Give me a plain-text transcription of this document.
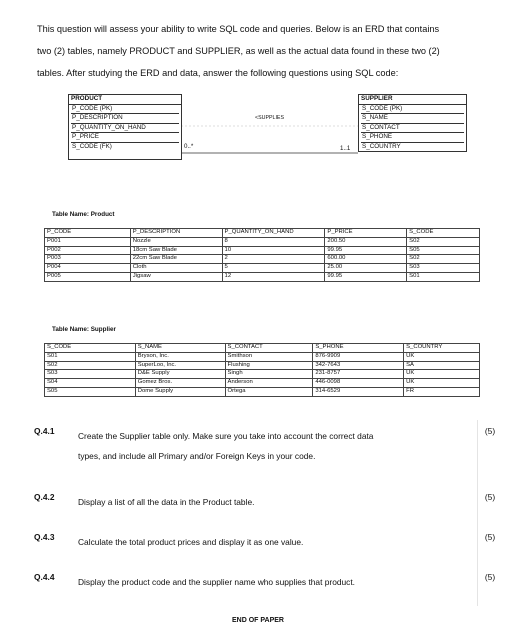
This question will assess your ability to write SQL code and queries. Below is an ERD that contains

two (2) tables, namely PRODUCT and SUPPLIER, as well as the actual data found in these two (2)

tables. After studying the ERD and data, answer the following questions using SQL code:

PRODUCT
P_CODE (PK)
P_DESCRIPTION
P_QUANTITY_ON_HAND
P_PRICE
S_CODE (FK)
SUPPLIER
S_CODE (PK)
S_NAME
S_CONTACT
S_PHONE
S_COUNTRY
<SUPPLIES
0..*	1..1
Table Name: Product
P_CODE	P_DESCRIPTION	P_QUANTITY_ON_HAND	P_PRICE	S_CODE
P001	Nozzle	8	200.50	S02
P002	18cm Saw Blade	10	99.95	S05
P003	22cm Saw Blade	2	600.00	S02
P004	Cloth	5	25.00	S03
P005	Jigsaw	12	99.95	S01
Table Name: Supplier
S_CODE	S_NAME	S_CONTACT	S_PHONE	S_COUNTRY
S01	Bryson, Inc.	Smithson	876-9909	UK
S02	SuperLoo, Inc.	Flushing	342-7643	SA
S03	D&E Supply	Singh	231-8757	UK
S04	Gomez Bros.	Anderson	446-0098	UK
S05	Dome Supply	Ortega	314-6529	FR
Q.4.1	Create the Supplier table only. Make sure you take into account the correct data
types, and include all Primary and/or Foreign Keys in your code.	(5)

Q.4.2	Display a list of all the data in the Product table.	(5)
Q.4.3	Calculate the total product prices and display it as one value.	(5)
Q.4.4	Display the product code and the supplier name who supplies that product.	(5)
END OF PAPER
